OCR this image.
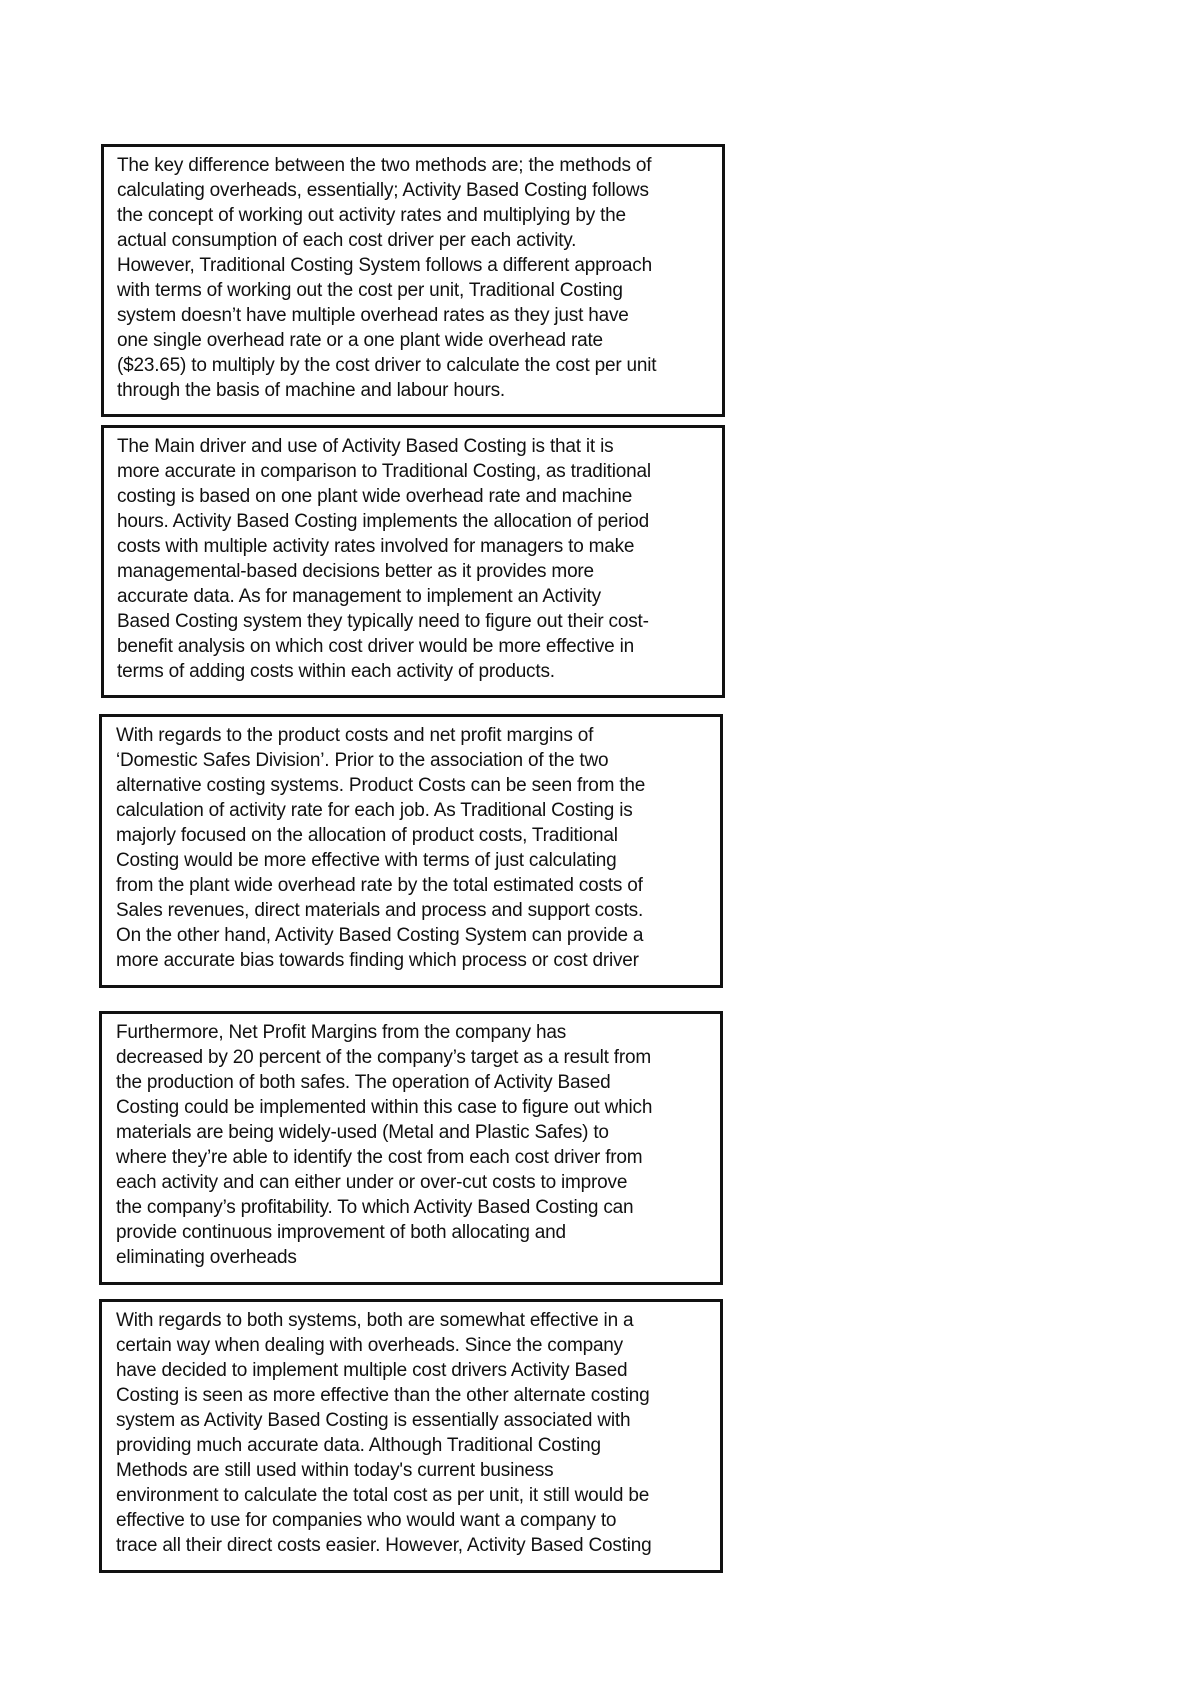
The key difference between the two methods are; the methods of
calculating overheads, essentially; Activity Based Costing follows
the concept of working out activity rates and multiplying by the
actual consumption of each cost driver per each activity.
However, Traditional Costing System follows a different approach
with terms of working out the cost per unit, Traditional Costing
system doesn’t have multiple overhead rates as they just have
one single overhead rate or a one plant wide overhead rate
($23.65) to multiply by the cost driver to calculate the cost per unit
through the basis of machine and labour hours.
The Main driver and use of Activity Based Costing is that it is
more accurate in comparison to Traditional Costing, as traditional
costing is based on one plant wide overhead rate and machine
hours. Activity Based Costing implements the allocation of period
costs with multiple activity rates involved for managers to make
managemental-based decisions better as it provides more
accurate data. As for management to implement an Activity
Based Costing system they typically need to figure out their cost-
benefit analysis on which cost driver would be more effective in
terms of adding costs within each activity of products.
With regards to the product costs and net profit margins of
‘Domestic Safes Division’. Prior to the association of the two
alternative costing systems. Product Costs can be seen from the
calculation of activity rate for each job. As Traditional Costing is
majorly focused on the allocation of product costs, Traditional
Costing would be more effective with terms of just calculating
from the plant wide overhead rate by the total estimated costs of
Sales revenues, direct materials and process and support costs.
On the other hand, Activity Based Costing System can provide a
more accurate bias towards finding which process or cost driver
Furthermore, Net Profit Margins from the company has
decreased by 20 percent of the company’s target as a result from
the production of both safes. The operation of Activity Based
Costing could be implemented within this case to figure out which
materials are being widely-used (Metal and Plastic Safes) to
where they’re able to identify the cost from each cost driver from
each activity and can either under or over-cut costs to improve
the company’s profitability. To which Activity Based Costing can
provide continuous improvement of both allocating and
eliminating overheads
With regards to both systems, both are somewhat effective in a
certain way when dealing with overheads. Since the company
have decided to implement multiple cost drivers Activity Based
Costing is seen as more effective than the other alternate costing
system as Activity Based Costing is essentially associated with
providing much accurate data. Although Traditional Costing
Methods are still used within today's current business
environment to calculate the total cost as per unit, it still would be
effective to use for companies who would want a company to
trace all their direct costs easier. However, Activity Based Costing
